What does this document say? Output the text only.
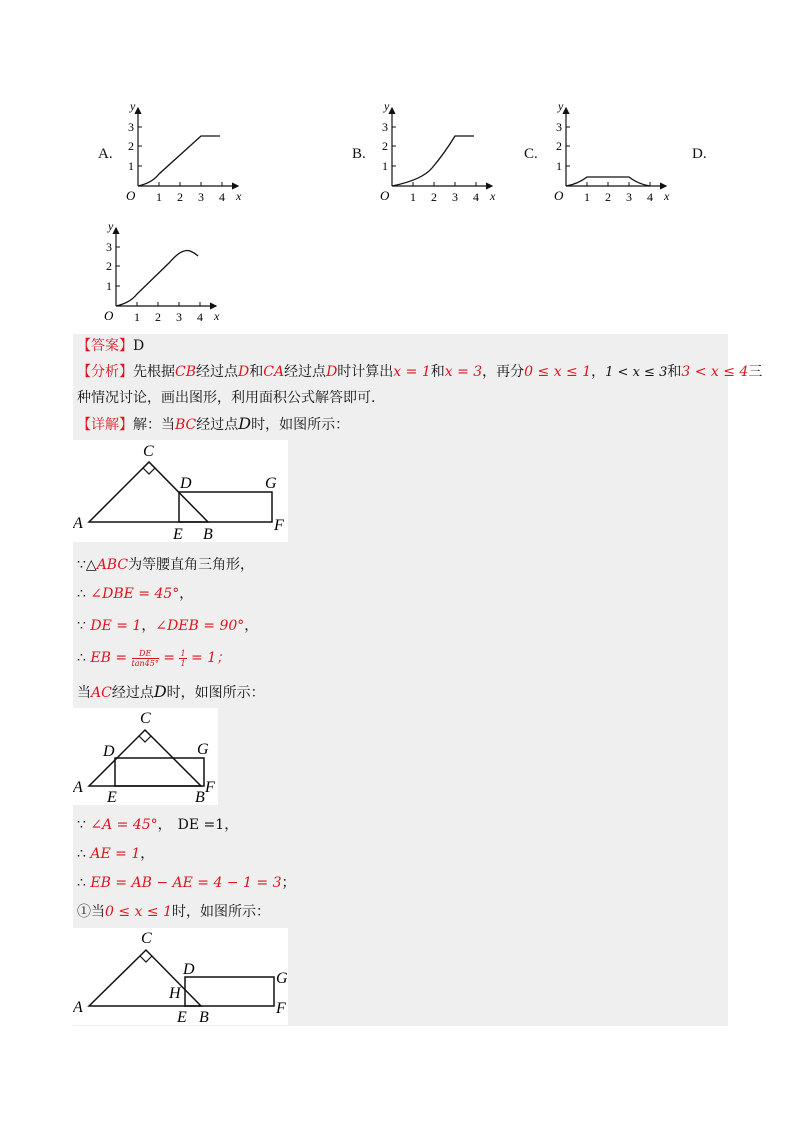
A.	B.	C.	D.
O 1 2 3 4 x
1
2
3
y
O 1 2 3 4 x
1
2
3
y
O 1 2 3 4 x
1
2
3
y
O 1 2 3 4 x
1
2
3
y
【答案】D
【分析】先根据CB经过点D和CA经过点D时计算出x = 1和x = 3，再分0 ≤ x ≤ 1，1 < x ≤ 3和3 < x ≤ 4三
种情况讨论，画出图形，利用面积公式解答即可.
【详解】解：当BC经过点D时，如图所示：
A
C
D
E B
G
F
∵△ABC为等腰直角三角形，
∴ ∠DBE = 45°，
∵ DE = 1，∠DEB = 90°，
∴ EB = $\frac{DE}{\tan 45^\circ} = \frac{1}{1} = 1$；
当AC经过点D时，如图所示：
A
C
D
E	B
G
F
∵ ∠A = 45°， DE =1，
∴ AE = 1，
∴ EB = AB − AE = 4 − 1 = 3；
①当0 ≤ x ≤ 1时，如图所示：
A
C
D
H
E B
G
F
